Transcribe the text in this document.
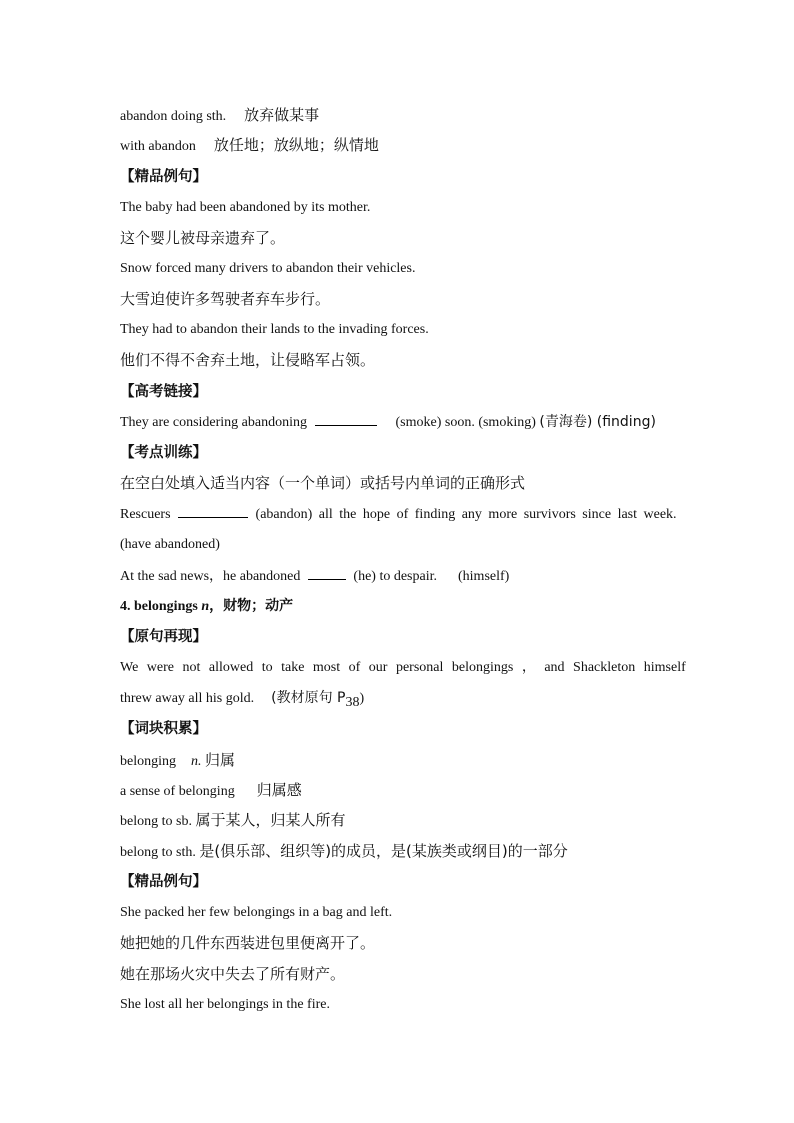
abandon doing sth. 放弃做某事
with abandon 放任地；放纵地；纵情地
【精品例句】
The baby had been abandoned by its mother.
这个婴儿被母亲遗弃了。
Snow forced many drivers to abandon their vehicles.
大雪迫使许多驾驶者弃车步行。
They had to abandon their lands to the invading forces.
他们不得不舍弃土地，让侵略军占领。
【高考链接】
They are considering abandoning	(smoke) soon. (smoking) (青海卷) (finding)
【考点训练】
在空白处填入适当内容（一个单词）或括号内单词的正确形式
Rescuers	(abandon) all the hope of finding any more survivors since last week.
(have abandoned)
At the sad news，he abandoned	(he) to despair. (himself)
4. belongings n，财物；动产
【原句再现】
We were not allowed to take most of our personal belongings ， and Shackleton himself
threw away all his gold. (教材原句 $P_{38}$)
【词块积累】
belonging n. 归属
a sense of belonging 归属感
belong to sb. 属于某人，归某人所有
belong to sth. 是(俱乐部、组织等)的成员，是(某族类或纲目)的一部分
【精品例句】
She packed her few belongings in a bag and left.
她把她的几件东西装进包里便离开了。
她在那场火灾中失去了所有财产。
She lost all her belongings in the fire.
